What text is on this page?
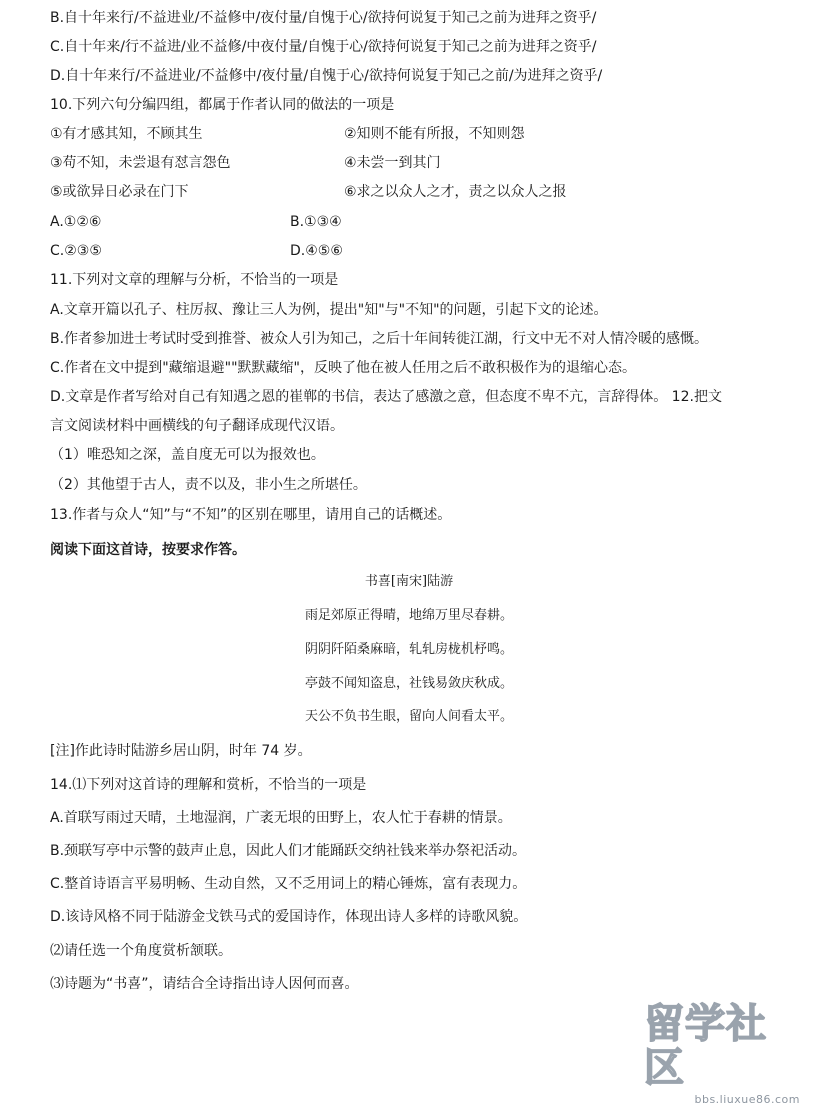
B.自十年来行/不益进业/不益修中/夜付量/自愧于心/欲持何说复于知己之前为进拜之资乎/
C.自十年来/行不益进/业不益修/中夜付量/自愧于心/欲持何说复于知己之前为进拜之资乎/
D.自十年来行/不益进业/不益修中/夜付量/自愧于心/欲持何说复于知己之前/为进拜之资乎/
10.下列六句分编四组，都属于作者认同的做法的一项是
①有才感其知，不顾其生	②知则不能有所报，不知则怨
③苟不知，未尝退有怼言怨色	④未尝一到其门
⑤或欲异日必录在门下	⑥求之以众人之才，责之以众人之报
A.①②⑥	B.①③④
C.②③⑤	D.④⑤⑥
11.下列对文章的理解与分析，不恰当的一项是
A.文章开篇以孔子、柱厉叔、豫让三人为例，提出"知"与"不知"的问题，引起下文的论述。
B.作者参加进士考试时受到推誉、被众人引为知己，之后十年间转徙江湖，行文中无不对人情冷暖的感慨。
C.作者在文中提到"藏缩退避""默默藏缩"，反映了他在被人任用之后不敢积极作为的退缩心态。
D.文章是作者写给对自己有知遇之恩的崔郸的书信，表达了感激之意，但态度不卑不亢，言辞得体。 12.把文
言文阅读材料中画横线的句子翻译成现代汉语。
（1）唯恐知之深，盖自度无可以为报效也。
（2）其他望于古人，责不以及，非小生之所堪任。
13.作者与众人“知”与“不知”的区别在哪里，请用自己的话概述。
阅读下面这首诗，按要求作答。
书喜[南宋]陆游
雨足郊原正得晴，地绵万里尽春耕。
阴阴阡陌桑麻暗，轧轧房栊机杼鸣。
亭鼓不闻知盗息，社钱易敛庆秋成。
天公不负书生眼，留向人间看太平。
[注]作此诗时陆游乡居山阴，时年 74 岁。
14.⑴下列对这首诗的理解和赏析，不恰当的一项是
A.首联写雨过天晴，土地湿润，广袤无垠的田野上，农人忙于春耕的情景。
B.颈联写亭中示警的鼓声止息，因此人们才能踊跃交纳社钱来举办祭祀活动。
C.整首诗语言平易明畅、生动自然，又不乏用词上的精心锤炼，富有表现力。
D.该诗风格不同于陆游金戈铁马式的爱国诗作，体现出诗人多样的诗歌风貌。
⑵请任选一个角度赏析颔联。
⑶诗题为“书喜”，请结合全诗指出诗人因何而喜。
留学社区
bbs.liuxue86.com
